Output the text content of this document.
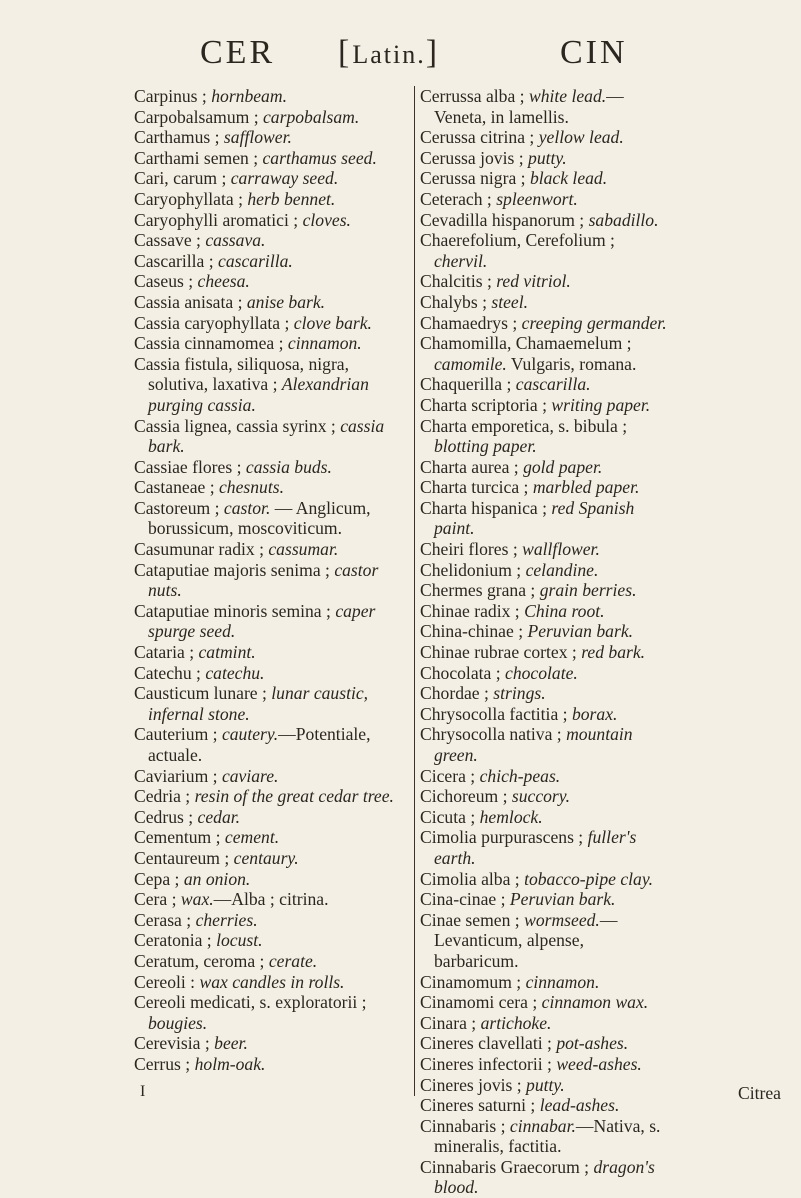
CER [Latin.]	CIN
Carpinus ; hornbeam.
Carpobalsamum ; carpobalsam.
Carthamus ; safflower.
Carthami semen ; carthamus seed.
Cari, carum ; carraway seed.
Caryophyllata ; herb bennet.
Caryophylli aromatici ; cloves.
Cassave ; cassava.
Cascarilla ; cascarilla.
Caseus ; cheesa.
Cassia anisata ; anise bark.
Cassia caryophyllata ; clove bark.
Cassia cinnamomea ; cinnamon.
Cassia fistula, siliquosa, nigra, solutiva, laxativa ; Alexandrian purging cassia.
Cassia lignea, cassia syrinx ; cassia bark.
Cassiae flores ; cassia buds.
Castaneae ; chesnuts.
Castoreum ; castor. — Anglicum, borussicum, moscoviticum.
Casumunar radix ; cassumar.
Cataputiae majoris senima ; castor nuts.
Cataputiae minoris semina ; caper spurge seed.
Cataria ; catmint.
Catechu ; catechu.
Causticum lunare ; lunar caustic, infernal stone.
Cauterium ; cautery.—Potentiale, actuale.
Caviarium ; caviare.
Cedria ; resin of the great cedar tree.
Cedrus ; cedar.
Cementum ; cement.
Centaureum ; centaury.
Cepa ; an onion.
Cera ; wax.—Alba ; citrina.
Cerasa ; cherries.
Ceratonia ; locust.
Ceratum, ceroma ; cerate.
Cereoli : wax candles in rolls.
Cereoli medicati, s. exploratorii ; bougies.
Cerevisia ; beer.
Cerrus ; holm-oak.
Cerrussa alba ; white lead.—Veneta, in lamellis.
Cerussa citrina ; yellow lead.
Cerussa jovis ; putty.
Cerussa nigra ; black lead.
Ceterach ; spleenwort.
Cevadilla hispanorum ; sabadillo.
Chaerefolium, Cerefolium ; chervil.
Chalcitis ; red vitriol.
Chalybs ; steel.
Chamaedrys ; creeping germander.
Chamomilla, Chamaemelum ; camomile. Vulgaris, romana.
Chaquerilla ; cascarilla.
Charta scriptoria ; writing paper.
Charta emporetica, s. bibula ; blotting paper.
Charta aurea ; gold paper.
Charta turcica ; marbled paper.
Charta hispanica ; red Spanish paint.
Cheiri flores ; wallflower.
Chelidonium ; celandine.
Chermes grana ; grain berries.
Chinae radix ; China root.
China-chinae ; Peruvian bark.
Chinae rubrae cortex ; red bark.
Chocolata ; chocolate.
Chordae ; strings.
Chrysocolla factitia ; borax.
Chrysocolla nativa ; mountain green.
Cicera ; chich-peas.
Cichoreum ; succory.
Cicuta ; hemlock.
Cimolia purpurascens ; fuller's earth.
Cimolia alba ; tobacco-pipe clay.
Cina-cinae ; Peruvian bark.
Cinae semen ; wormseed.—Levanticum, alpense, barbaricum.
Cinamomum ; cinnamon.
Cinamomi cera ; cinnamon wax.
Cinara ; artichoke.
Cineres clavellati ; pot-ashes.
Cineres infectorii ; weed-ashes.
Cineres jovis ; putty.
Cineres saturni ; lead-ashes.
Cinnabaris ; cinnabar.—Nativa, s. mineralis, factitia.
Cinnabaris Graecorum ; dragon's blood.
I	Citrea
